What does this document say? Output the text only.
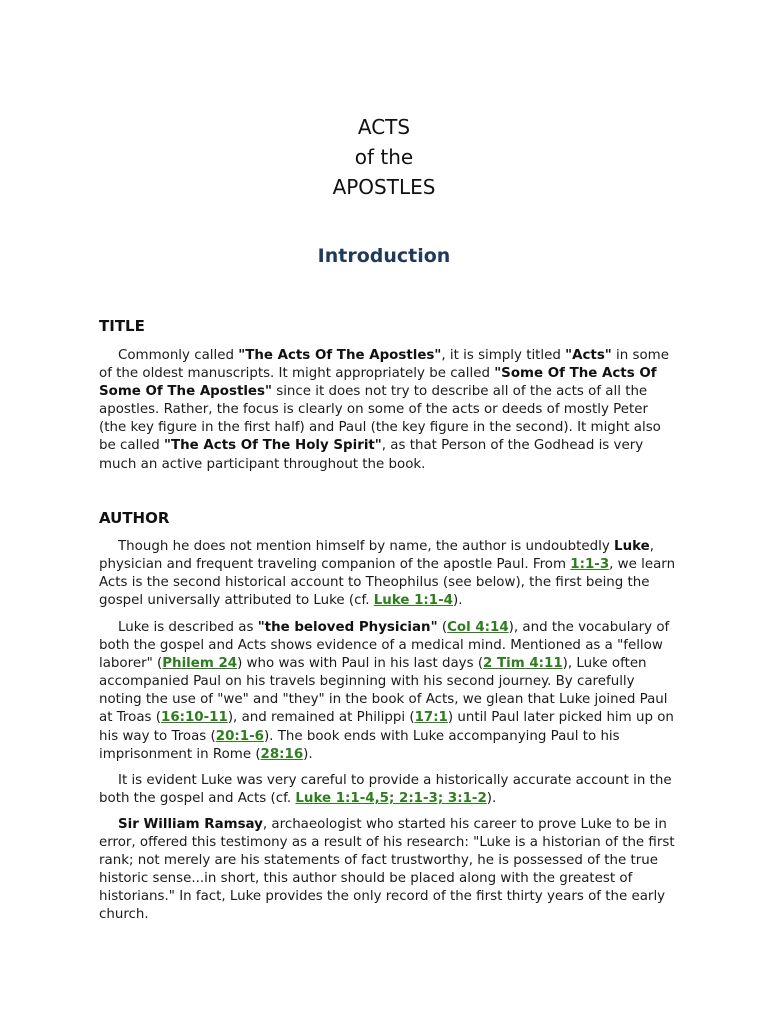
ACTS
of the
APOSTLES
Introduction
TITLE

Commonly called "The Acts Of The Apostles", it is simply titled "Acts" in some of the oldest manuscripts. It might appropriately be called "Some Of The Acts Of Some Of The Apostles" since it does not try to describe all of the acts of all the apostles. Rather, the focus is clearly on some of the acts or deeds of mostly Peter (the key figure in the first half) and Paul (the key figure in the second). It might also be called "The Acts Of The Holy Spirit", as that Person of the Godhead is very much an active participant throughout the book.

AUTHOR

Though he does not mention himself by name, the author is undoubtedly Luke, physician and frequent traveling companion of the apostle Paul. From 1:1-3, we learn Acts is the second historical account to Theophilus (see below), the first being the gospel universally attributed to Luke (cf. Luke 1:1-4).

Luke is described as "the beloved Physician" (Col 4:14), and the vocabulary of both the gospel and Acts shows evidence of a medical mind. Mentioned as a "fellow laborer" (Philem 24) who was with Paul in his last days (2 Tim 4:11), Luke often accompanied Paul on his travels beginning with his second journey. By carefully noting the use of "we" and "they" in the book of Acts, we glean that Luke joined Paul at Troas (16:10-11), and remained at Philippi (17:1) until Paul later picked him up on his way to Troas (20:1-6). The book ends with Luke accompanying Paul to his imprisonment in Rome (28:16).

It is evident Luke was very careful to provide a historically accurate account in the both the gospel and Acts (cf. Luke 1:1-4,5; 2:1-3; 3:1-2).

Sir William Ramsay, archaeologist who started his career to prove Luke to be in error, offered this testimony as a result of his research: "Luke is a historian of the first rank; not merely are his statements of fact trustworthy, he is possessed of the true historic sense...in short, this author should be placed along with the greatest of historians." In fact, Luke provides the only record of the first thirty years of the early church.
